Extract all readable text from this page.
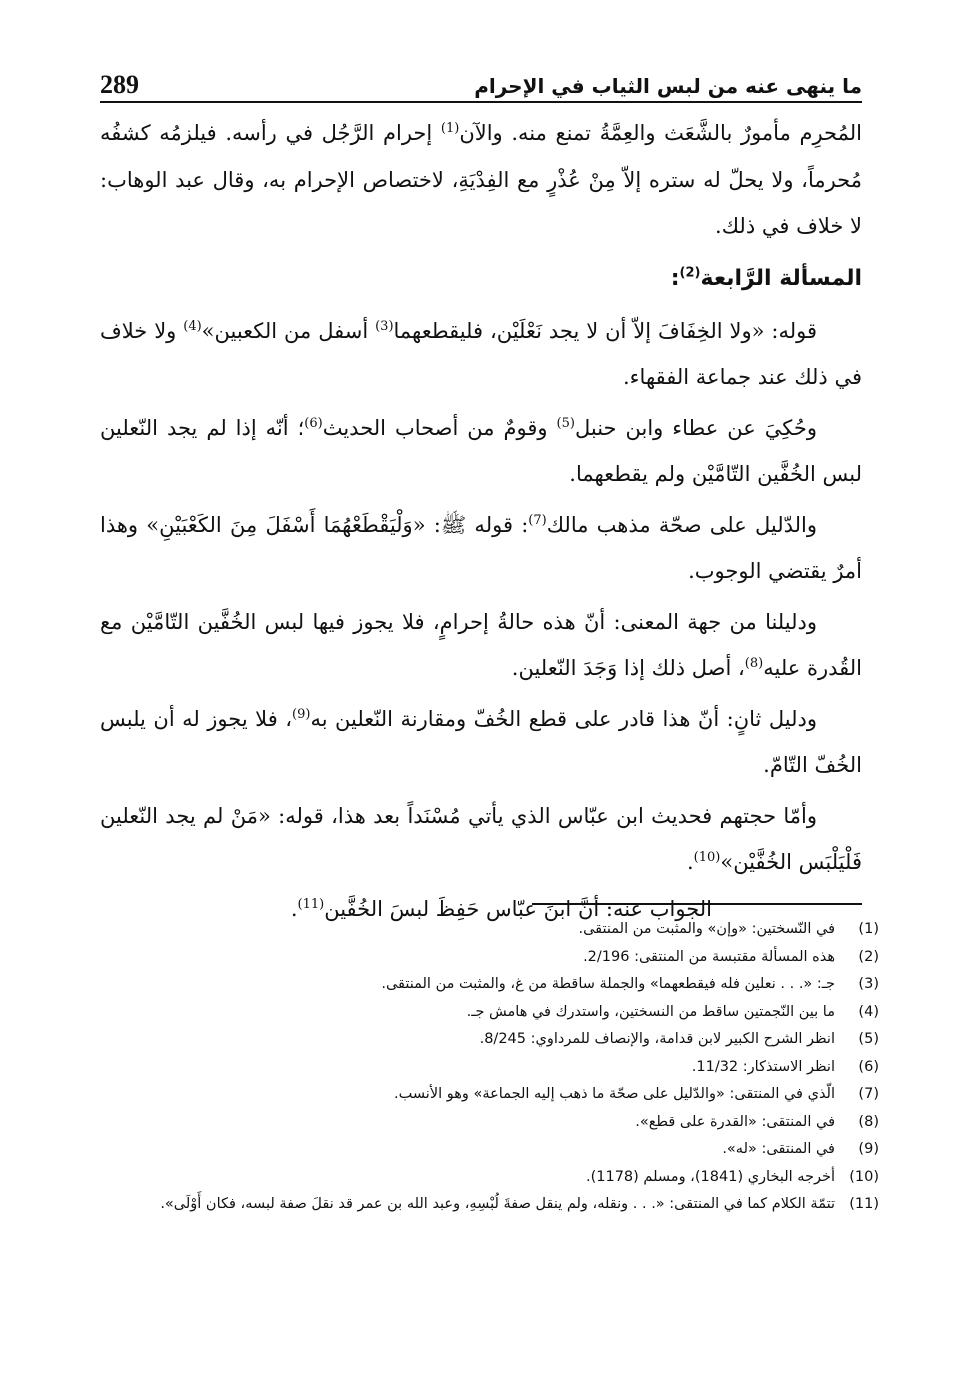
289	ما ينهى عنه من لبس الثياب في الإحرام

المُحرِم مأمورٌ بالشَّعَث والعِمَّةُ تمنع منه. والآن$^{(1)}$ إحرام الرَّجُل في رأسه. فيلزمُه كشفُه مُحرماً، ولا يحلّ له ستره إلاّ مِنْ عُذْرٍ مع الفِدْيَةِ، لاختصاص الإحرام به، وقال عبد الوهاب: لا خلاف في ذلك.

المسألة الرَّابعة$^{(2)}$:

قوله: «ولا الخِفَافَ إلاّ أن لا يجد نَعْلَيْن، فليقطعهما$^{(3)}$ أسفل من الكعبين»$^{(4)}$ ولا خلاف في ذلك عند جماعة الفقهاء.

وحُكِيَ عن عطاء وابن حنبل$^{(5)}$ وقومٌ من أصحاب الحديث$^{(6)}$؛ أنّه إذا لم يجد النّعلين لبس الخُفَّين التّامَّيْن ولم يقطعهما.

والدّليل على صحّة مذهب مالك$^{(7)}$: قوله ﷺ: «وَلْيَقْطَعْهُمَا أَسْفَلَ مِنَ الكَعْبَيْنِ» وهذا أمرٌ يقتضي الوجوب.

ودليلنا من جهة المعنى: أنّ هذه حالةُ إحرامٍ، فلا يجوز فيها لبس الخُفَّين التّامَّيْن مع القُدرة عليه$^{(8)}$، أصل ذلك إذا وَجَدَ النّعلين.

ودليل ثانٍ: أنّ هذا قادر على قطع الخُفّ ومقارنة النّعلين به$^{(9)}$، فلا يجوز له أن يلبس الخُفّ التّامّ.

وأمّا حجتهم فحديث ابن عبّاس الذي يأتي مُسْنَداً بعد هذا، قوله: «مَنْ لم يجد النّعلين فَلْيَلْبَس الخُفَّيْن»$^{(10)}$.

الجواب عنه: أنَّ ابنَ عبّاس حَفِظَ لبسَ الخُفَّين$^{(11)}$.

(1)
في النّسختين: «وإن» والمثبت من المنتقى.
(2)
هذه المسألة مقتبسة من المنتقى: 2/196.
(3)
جـ: «. . . نعلين فله فيقطعهما» والجملة ساقطة من غ، والمثبت من المنتقى.
(4)
ما بين النّجمتين ساقط من النسختين، واستدرك في هامش جـ.
(5)
انظر الشرح الكبير لابن قدامة، والإنصاف للمرداوي: 8/245.
(6)
انظر الاستذكار: 11/32.
(7)
الّذي في المنتقى: «والدّليل على صحّة ما ذهب إليه الجماعة» وهو الأنسب.
(8)
في المنتقى: «القدرة على قطع».
(9)
في المنتقى: «له».
(10)
أخرجه البخاري (1841)، ومسلم (1178).
(11)
تتمّة الكلام كما في المنتقى: «. . . ونقله، ولم ينقل صفةَ لُبْسِهِ، وعبد الله بن عمر قد نقلَ صفة لبسه، فكان أَوْلَى».
